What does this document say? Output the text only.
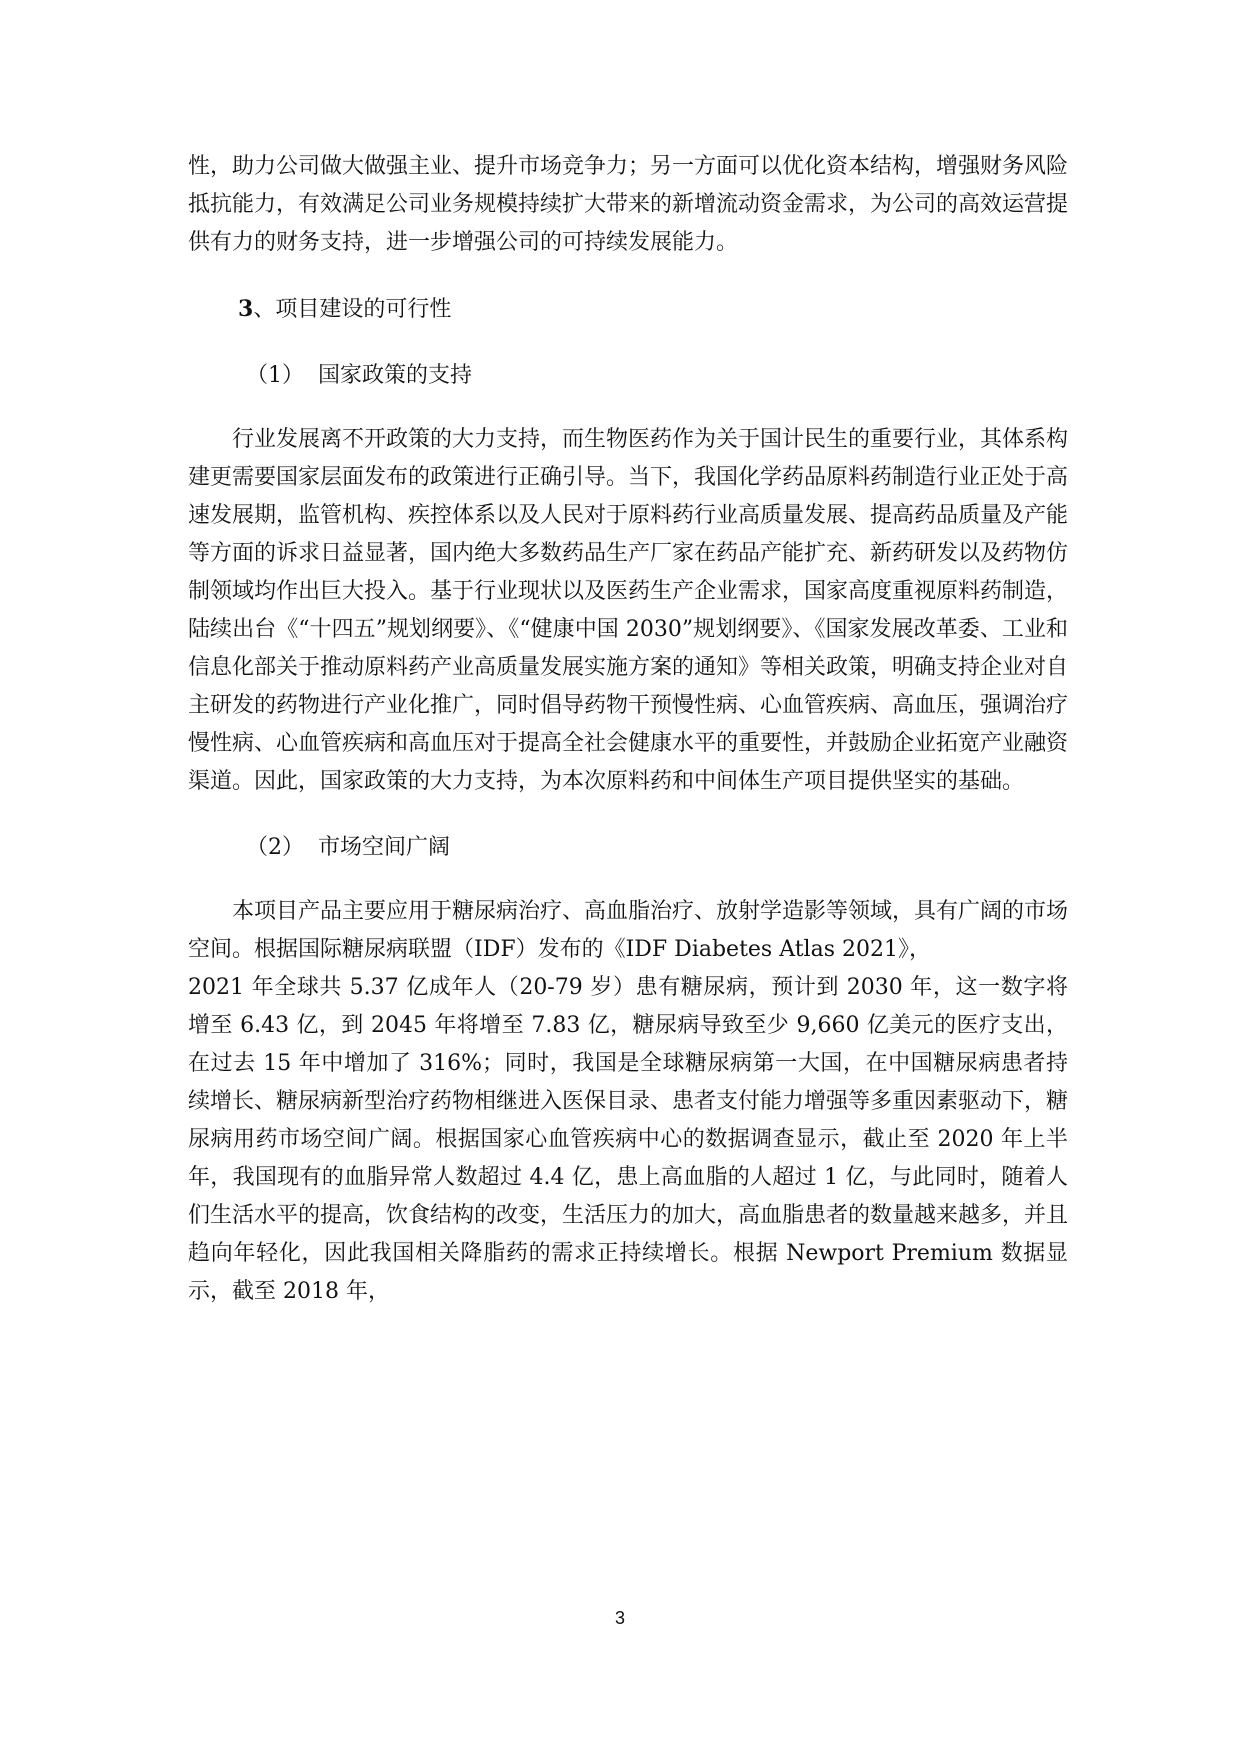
性，助力公司做大做强主业、提升市场竞争力；另一方面可以优化资本结构，增强财务风险抵抗能力，有效满足公司业务规模持续扩大带来的新增流动资金需求，为公司的高效运营提供有力的财务支持，进一步增强公司的可持续发展能力。

3、项目建设的可行性

（1） 国家政策的支持

行业发展离不开政策的大力支持，而生物医药作为关于国计民生的重要行业，其体系构建更需要国家层面发布的政策进行正确引导。当下，我国化学药品原料药制造行业正处于高速发展期，监管机构、疾控体系以及人民对于原料药行业高质量发展、提高药品质量及产能等方面的诉求日益显著，国内绝大多数药品生产厂家在药品产能扩充、新药研发以及药物仿制领域均作出巨大投入。基于行业现状以及医药生产企业需求，国家高度重视原料药制造，陆续出台《“十四五”规划纲要》、《“健康中国 2030”规划纲要》、《国家发展改革委、工业和信息化部关于推动原料药产业高质量发展实施方案的通知》等相关政策，明确支持企业对自主研发的药物进行产业化推广，同时倡导药物干预慢性病、心血管疾病、高血压，强调治疗慢性病、心血管疾病和高血压对于提高全社会健康水平的重要性，并鼓励企业拓宽产业融资渠道。因此，国家政策的大力支持，为本次原料药和中间体生产项目提供坚实的基础。

（2） 市场空间广阔

本项目产品主要应用于糖尿病治疗、高血脂治疗、放射学造影等领域，具有广阔的市场空间。根据国际糖尿病联盟（IDF）发布的《IDF Diabetes Atlas 2021》，

2021 年全球共 5.37 亿成年人（20-79 岁）患有糖尿病，预计到 2030 年，这一数字将增至 6.43 亿，到 2045 年将增至 7.83 亿，糖尿病导致至少 9,660 亿美元的医疗支出，在过去 15 年中增加了 316%；同时，我国是全球糖尿病第一大国，在中国糖尿病患者持续增长、糖尿病新型治疗药物相继进入医保目录、患者支付能力增强等多重因素驱动下，糖尿病用药市场空间广阔。根据国家心血管疾病中心的数据调查显示，截止至 2020 年上半年，我国现有的血脂异常人数超过 4.4 亿，患上高血脂的人超过 1 亿，与此同时，随着人们生活水平的提高，饮食结构的改变，生活压力的加大，高血脂患者的数量越来越多，并且趋向年轻化，因此我国相关降脂药的需求正持续增长。根据 Newport Premium 数据显示，截至 2018 年，

3
